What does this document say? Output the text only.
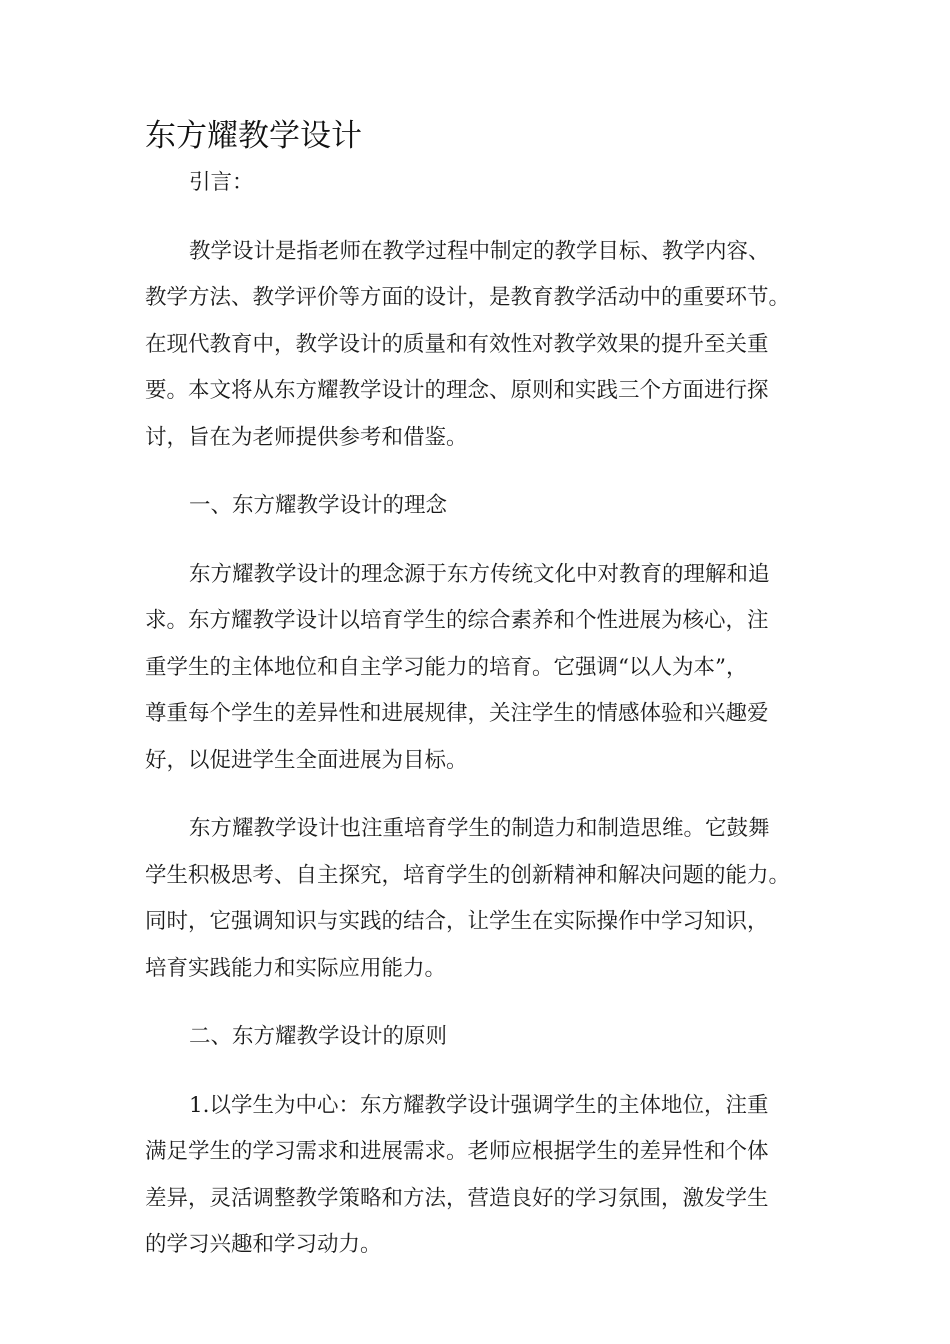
东方耀教学设计

引言：

教学设计是指老师在教学过程中制定的教学目标、教学内容、
教学方法、教学评价等方面的设计，是教育教学活动中的重要环节。
在现代教育中，教学设计的质量和有效性对教学效果的提升至关重
要。本文将从东方耀教学设计的理念、原则和实践三个方面进行探
讨，旨在为老师提供参考和借鉴。

一、东方耀教学设计的理念

东方耀教学设计的理念源于东方传统文化中对教育的理解和追
求。东方耀教学设计以培育学生的综合素养和个性进展为核心，注
重学生的主体地位和自主学习能力的培育。它强调“以人为本”，
尊重每个学生的差异性和进展规律，关注学生的情感体验和兴趣爱
好，以促进学生全面进展为目标。

东方耀教学设计也注重培育学生的制造力和制造思维。它鼓舞
学生积极思考、自主探究，培育学生的创新精神和解决问题的能力。
同时，它强调知识与实践的结合，让学生在实际操作中学习知识，
培育实践能力和实际应用能力。

二、东方耀教学设计的原则

1.以学生为中心：东方耀教学设计强调学生的主体地位，注重
满足学生的学习需求和进展需求。老师应根据学生的差异性和个体
差异，灵活调整教学策略和方法，营造良好的学习氛围，激发学生
的学习兴趣和学习动力。
